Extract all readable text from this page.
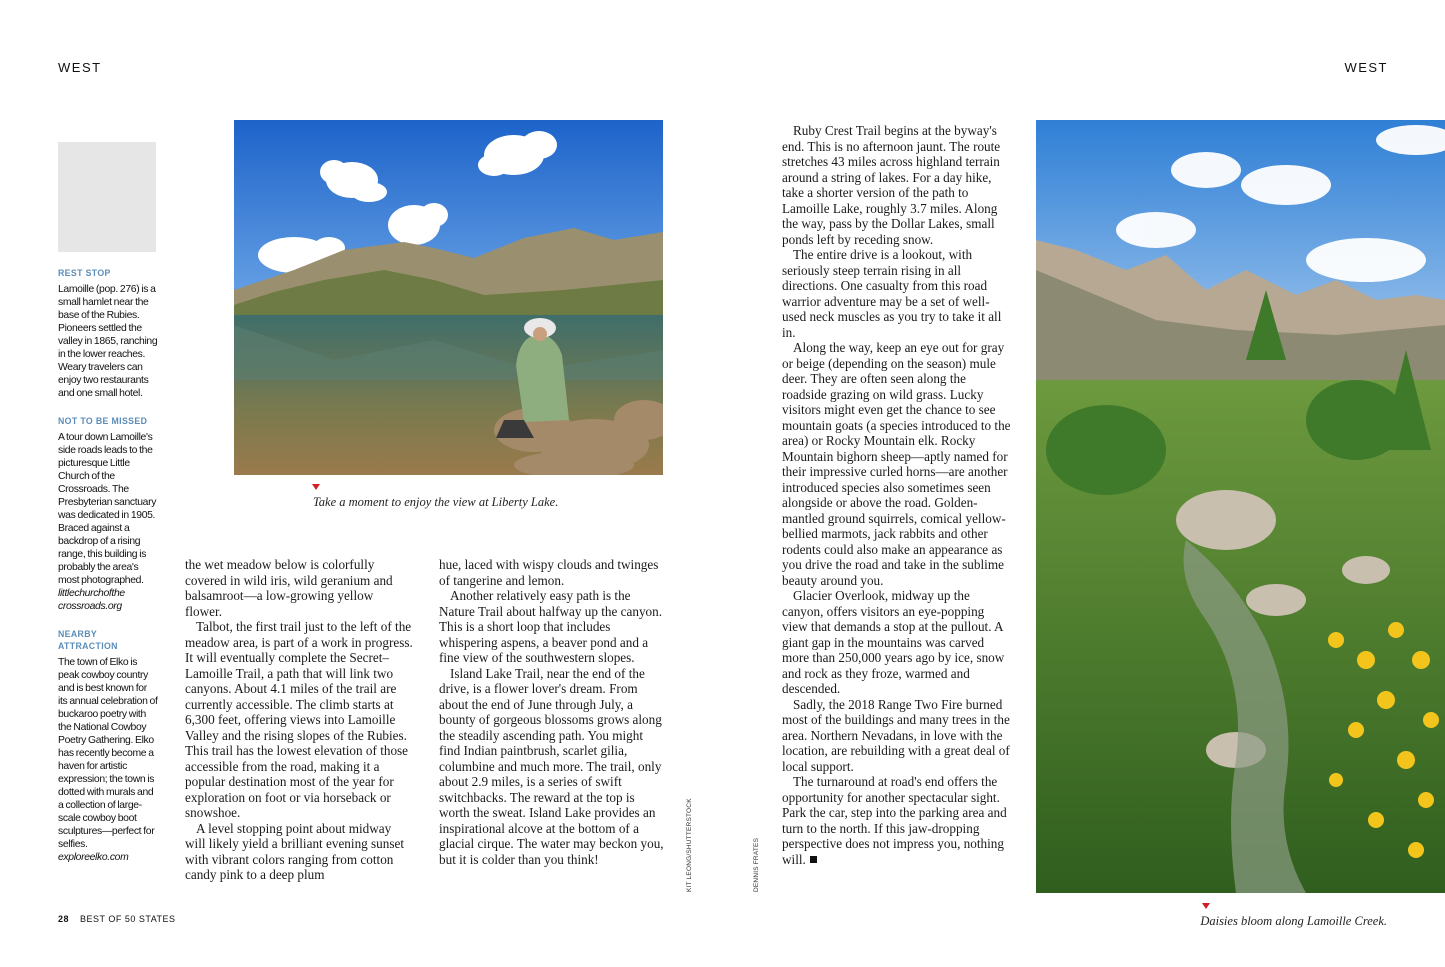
WEST	WEST
REST STOP
Lamoille (pop. 276) is a small hamlet near the base of the Rubies. Pioneers settled the valley in 1865, ranching in the lower reaches. Weary travelers can enjoy two restaurants and one small hotel.
NOT TO BE MISSED
A tour down Lamoille's side roads leads to the picturesque Little Church of the Crossroads. The Presbyterian sanctuary was dedicated in 1905. Braced against a backdrop of a rising range, this building is probably the area's most photographed. littlechurchofthe crossroads.org
NEARBY ATTRACTION
The town of Elko is peak cowboy country and is best known for its annual celebration of buckaroo poetry with the National Cowboy Poetry Gathering. Elko has recently become a haven for artistic expression; the town is dotted with murals and a collection of large-scale cowboy boot sculptures—perfect for selfies. exploreelko.com
Take a moment to enjoy the view at Liberty Lake.
Daisies bloom along Lamoille Creek.

the wet meadow below is colorfully covered in wild iris, wild geranium and balsamroot—a low-growing yellow flower.

Talbot, the first trail just to the left of the meadow area, is part of a work in progress. It will eventually complete the Secret–Lamoille Trail, a path that will link two canyons. About 4.1 miles of the trail are currently accessible. The climb starts at 6,300 feet, offering views into Lamoille Valley and the rising slopes of the Rubies. This trail has the lowest elevation of those accessible from the road, making it a popular destination most of the year for exploration on foot or via horseback or snowshoe.

A level stopping point about midway will likely yield a brilliant evening sunset with vibrant colors ranging from cotton candy pink to a deep plum

hue, laced with wispy clouds and twinges of tangerine and lemon.

Another relatively easy path is the Nature Trail about halfway up the canyon. This is a short loop that includes whispering aspens, a beaver pond and a fine view of the southwestern slopes.

Island Lake Trail, near the end of the drive, is a flower lover's dream. From about the end of June through July, a bounty of gorgeous blossoms grows along the steadily ascending path. You might find Indian paintbrush, scarlet gilia, columbine and much more. The trail, only about 2.9 miles, is a series of swift switchbacks. The reward at the top is worth the sweat. Island Lake provides an inspirational alcove at the bottom of a glacial cirque. The water may beckon you, but it is colder than you think!

Ruby Crest Trail begins at the byway's end. This is no afternoon jaunt. The route stretches 43 miles across highland terrain around a string of lakes. For a day hike, take a shorter version of the path to Lamoille Lake, roughly 3.7 miles. Along the way, pass by the Dollar Lakes, small ponds left by receding snow.

The entire drive is a lookout, with seriously steep terrain rising in all directions. One casualty from this road warrior adventure may be a set of well-used neck muscles as you try to take it all in.

Along the way, keep an eye out for gray or beige (depending on the season) mule deer. They are often seen along the roadside grazing on wild grass. Lucky visitors might even get the chance to see mountain goats (a species introduced to the area) or Rocky Mountain elk. Rocky Mountain bighorn sheep—aptly named for their impressive curled horns—are another introduced species also sometimes seen alongside or above the road. Golden-mantled ground squirrels, comical yellow-bellied marmots, jack rabbits and other rodents could also make an appearance as you drive the road and take in the sublime beauty around you.

Glacier Overlook, midway up the canyon, offers visitors an eye-popping view that demands a stop at the pullout. A giant gap in the mountains was carved more than 250,000 years ago by ice, snow and rock as they froze, warmed and descended.

Sadly, the 2018 Range Two Fire burned most of the buildings and many trees in the area. Northern Nevadans, in love with the location, are rebuilding with a great deal of local support.

The turnaround at road's end offers the opportunity for another spectacular sight. Park the car, step into the parking area and turn to the north. If this jaw-dropping perspective does not impress you, nothing will.

KIT LEONG/SHUTTERSTOCK	DENNIS FRATES
28 BEST OF 50 STATES
